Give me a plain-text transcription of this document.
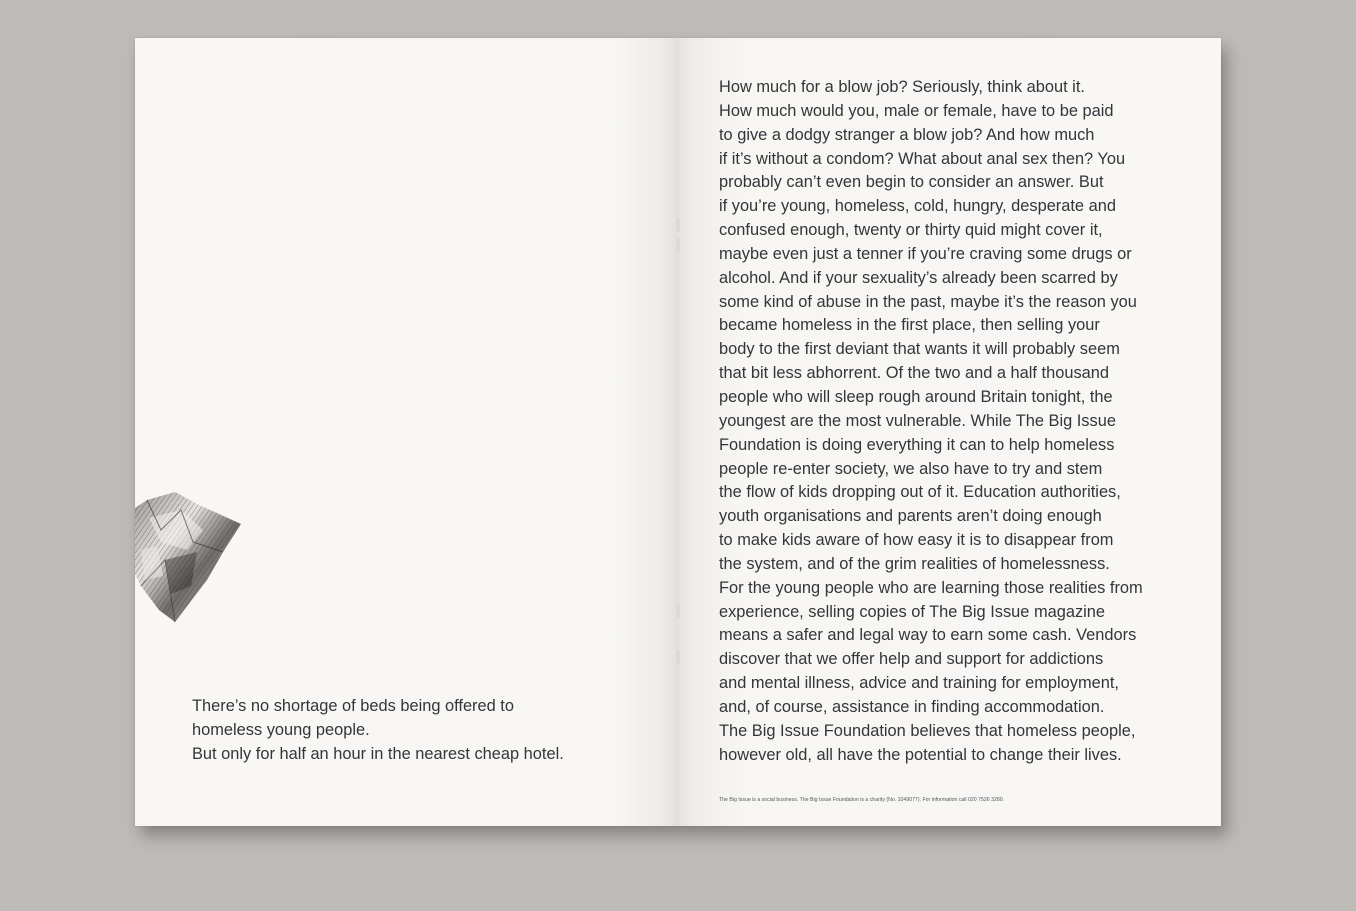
There’s no shortage of beds being offered to
homeless young people.
But only for half an hour in the nearest cheap hotel.

How much for a blow job? Seriously, think about it.
How much would you, male or female, have to be paid
to give a dodgy stranger a blow job? And how much
if it’s without a condom? What about anal sex then? You
probably can’t even begin to consider an answer. But
if you’re young, homeless, cold, hungry, desperate and
confused enough, twenty or thirty quid might cover it,
maybe even just a tenner if you’re craving some drugs or
alcohol. And if your sexuality’s already been scarred by
some kind of abuse in the past, maybe it’s the reason you
became homeless in the first place, then selling your
body to the first deviant that wants it will probably seem
that bit less abhorrent. Of the two and a half thousand
people who will sleep rough around Britain tonight, the
youngest are the most vulnerable. While The Big Issue
Foundation is doing everything it can to help homeless
people re-enter society, we also have to try and stem
the flow of kids dropping out of it. Education authorities,
youth organisations and parents aren’t doing enough
to make kids aware of how easy it is to disappear from
the system, and of the grim realities of homelessness.
For the young people who are learning those realities from
experience, selling copies of The Big Issue magazine
means a safer and legal way to earn some cash. Vendors
discover that we offer help and support for addictions
and mental illness, advice and training for employment,
and, of course, assistance in finding accommodation.
The Big Issue Foundation believes that homeless people,
however old, all have the potential to change their lives.

The Big Issue is a social business. The Big Issue Foundation is a charity (No. 1049077). For information call 020 7526 3280.
